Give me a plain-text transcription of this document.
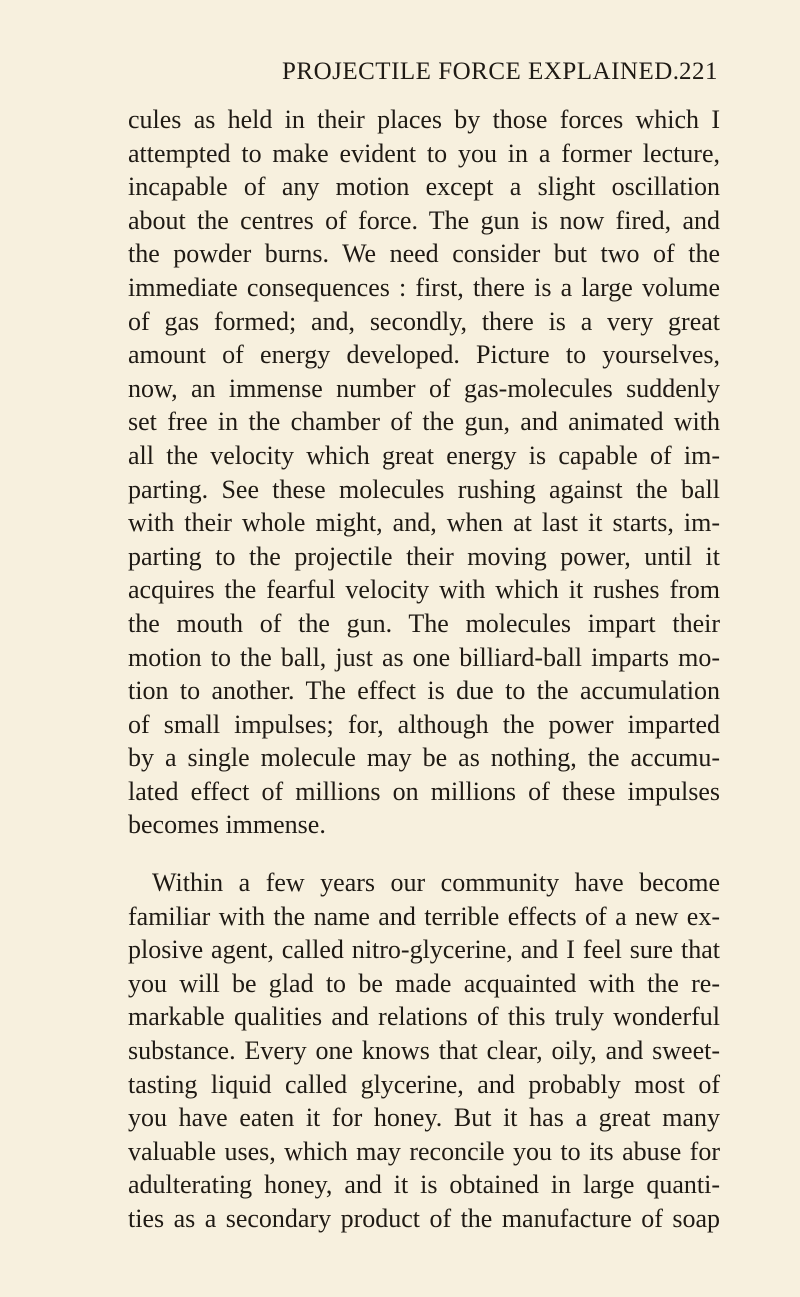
PROJECTILE FORCE EXPLAINED. 221
cules as held in their places by those forces which I
attempted to make evident to you in a former lecture,
incapable of any motion except a slight oscillation
about the centres of force. The gun is now fired, and
the powder burns. We need consider but two of the
immediate consequences : first, there is a large volume
of gas formed; and, secondly, there is a very great
amount of energy developed. Picture to yourselves,
now, an immense number of gas-molecules suddenly
set free in the chamber of the gun, and animated with
all the velocity which great energy is capable of im-
parting. See these molecules rushing against the ball
with their whole might, and, when at last it starts, im-
parting to the projectile their moving power, until it
acquires the fearful velocity with which it rushes from
the mouth of the gun. The molecules impart their
motion to the ball, just as one billiard-ball imparts mo-
tion to another. The effect is due to the accumulation
of small impulses; for, although the power imparted
by a single molecule may be as nothing, the accumu-
lated effect of millions on millions of these impulses
becomes immense.
Within a few years our community have become
familiar with the name and terrible effects of a new ex-
plosive agent, called nitro-glycerine, and I feel sure that
you will be glad to be made acquainted with the re-
markable qualities and relations of this truly wonderful
substance. Every one knows that clear, oily, and sweet-
tasting liquid called glycerine, and probably most of
you have eaten it for honey. But it has a great many
valuable uses, which may reconcile you to its abuse for
adulterating honey, and it is obtained in large quanti-
ties as a secondary product of the manufacture of soap
